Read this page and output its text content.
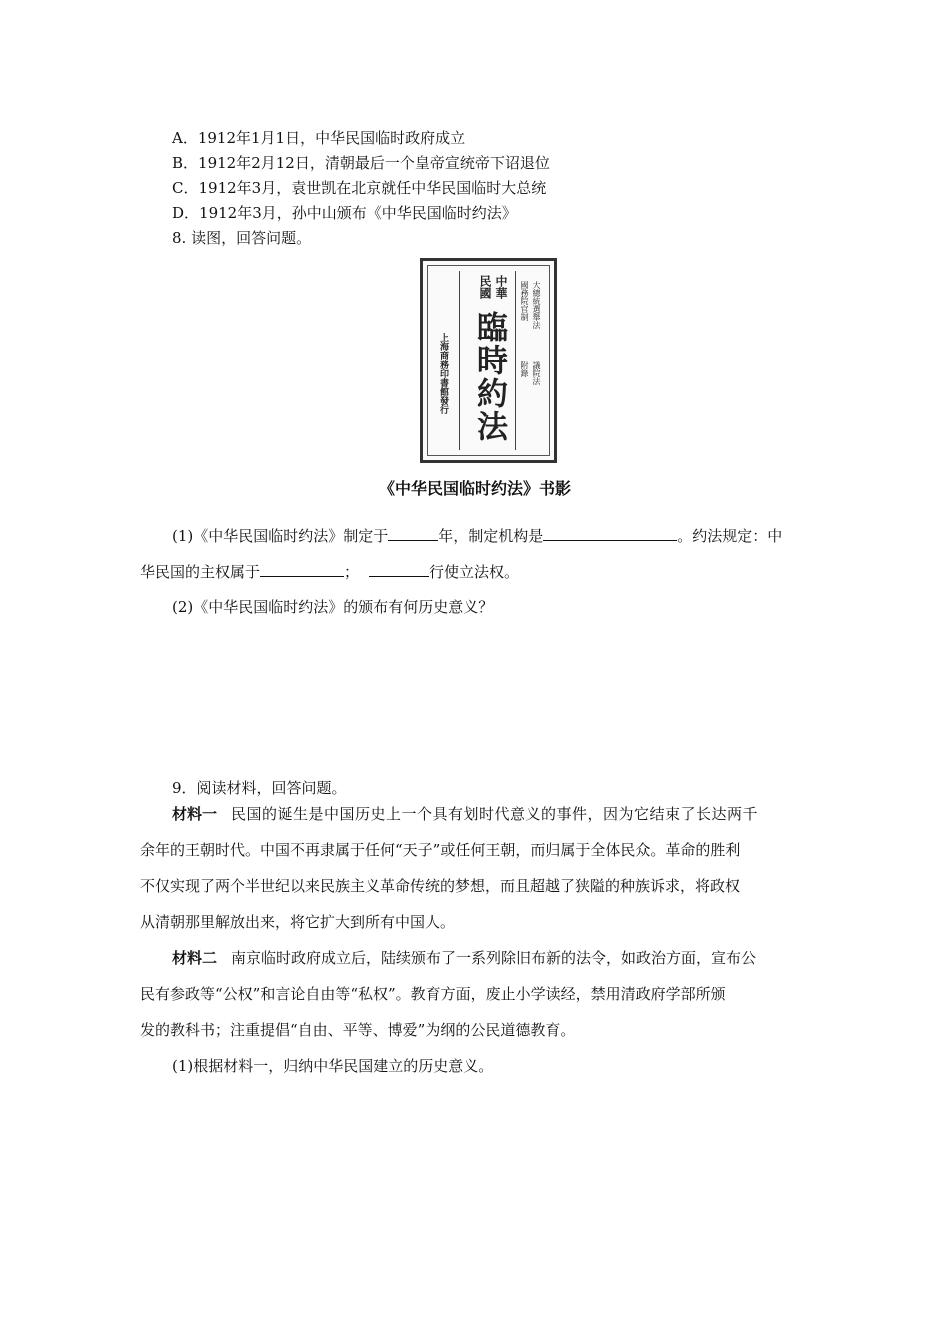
A．1912年1月1日，中华民国临时政府成立
B．1912年2月12日，清朝最后一个皇帝宣统帝下诏退位
C．1912年3月，袁世凯在北京就任中华民国临时大总统
D．1912年3月，孙中山颁布《中华民国临时约法》
8. 读图，回答问题。
大總統選舉法
議院法
國務院官制
附錄
中華
民國
臨時約法
上海商務印書館發行
《中华民国临时约法》书影
(1)《中华民国临时约法》制定于	年，制定机构是	。约法规定：中
华民国的主权属于	；	行使立法权。
(2)《中华民国临时约法》的颁布有何历史意义？
9．阅读材料，回答问题。
材料一 民国的诞生是中国历史上一个具有划时代意义的事件，因为它结束了长达两千
余年的王朝时代。中国不再隶属于任何“天子”或任何王朝，而归属于全体民众。革命的胜利
不仅实现了两个半世纪以来民族主义革命传统的梦想，而且超越了狭隘的种族诉求，将政权
从清朝那里解放出来，将它扩大到所有中国人。
材料二 南京临时政府成立后，陆续颁布了一系列除旧布新的法令，如政治方面，宣布公
民有参政等“公权”和言论自由等“私权”。教育方面，废止小学读经，禁用清政府学部所颁
发的教科书；注重提倡“自由、平等、博爱”为纲的公民道德教育。
(1)根据材料一，归纳中华民国建立的历史意义。
